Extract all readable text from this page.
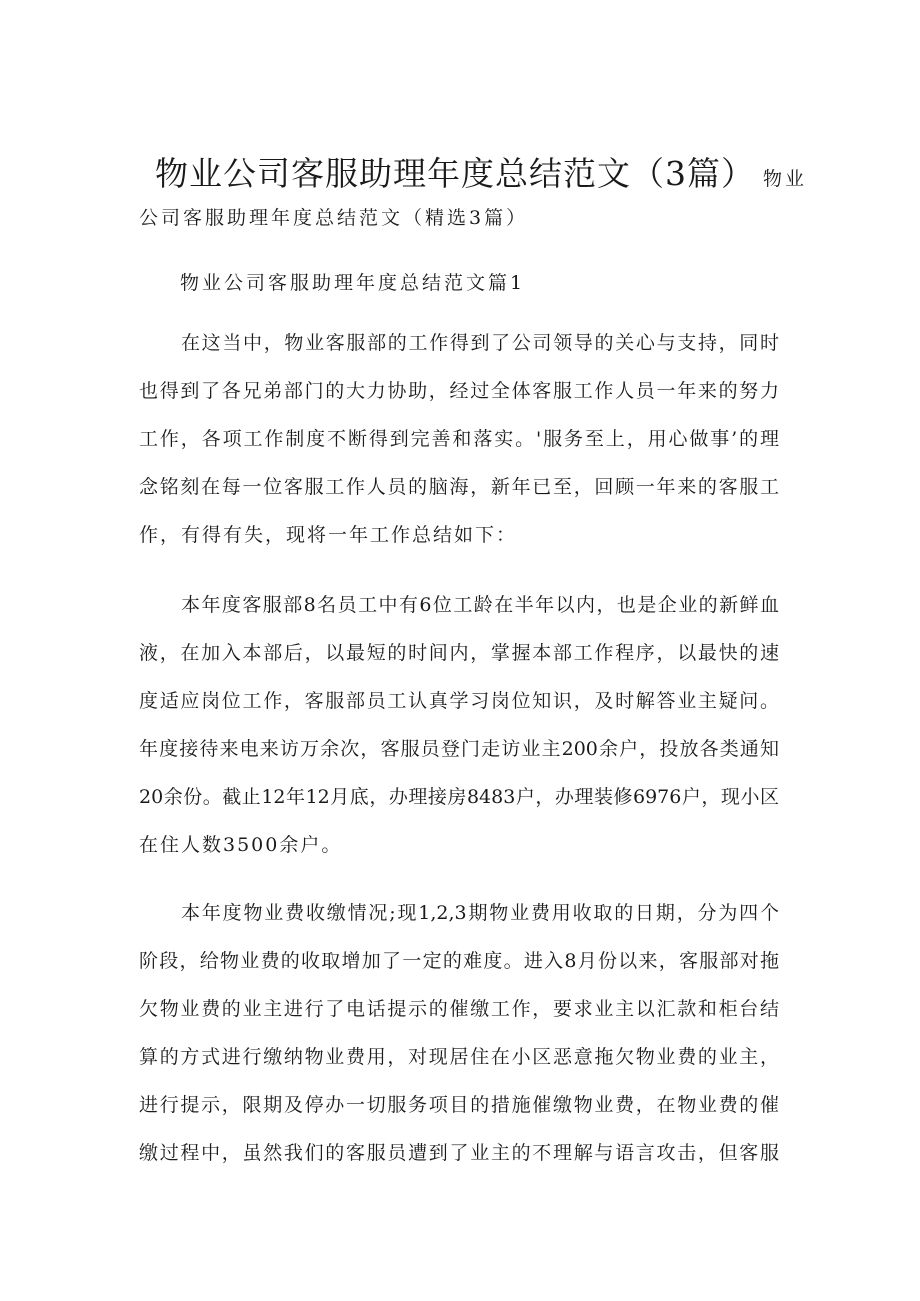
物业公司客服助理年度总结范文（3篇） 物业
公司客服助理年度总结范文（精选3篇）
物业公司客服助理年度总结范文篇1
在这当中，物业客服部的工作得到了公司领导的关心与支持，同时
也得到了各兄弟部门的大力协助，经过全体客服工作人员一年来的努力
工作，各项工作制度不断得到完善和落实。'服务至上，用心做事’的理
念铭刻在每一位客服工作人员的脑海，新年已至，回顾一年来的客服工
作，有得有失，现将一年工作总结如下：
本年度客服部8名员工中有6位工龄在半年以内，也是企业的新鲜血
液，在加入本部后，以最短的时间内，掌握本部工作程序，以最快的速
度适应岗位工作，客服部员工认真学习岗位知识，及时解答业主疑问。
年度接待来电来访万余次，客服员登门走访业主200余户，投放各类通知
20余份。截止12年12月底，办理接房8483户，办理装修6976户，现小区
在住人数3500余户。
本年度物业费收缴情况;现1,2,3期物业费用收取的日期，分为四个
阶段，给物业费的收取增加了一定的难度。进入8月份以来，客服部对拖
欠物业费的业主进行了电话提示的催缴工作，要求业主以汇款和柜台结
算的方式进行缴纳物业费用，对现居住在小区恶意拖欠物业费的业主，
进行提示，限期及停办一切服务项目的措施催缴物业费，在物业费的催
缴过程中，虽然我们的客服员遭到了业主的不理解与语言攻击，但客服
